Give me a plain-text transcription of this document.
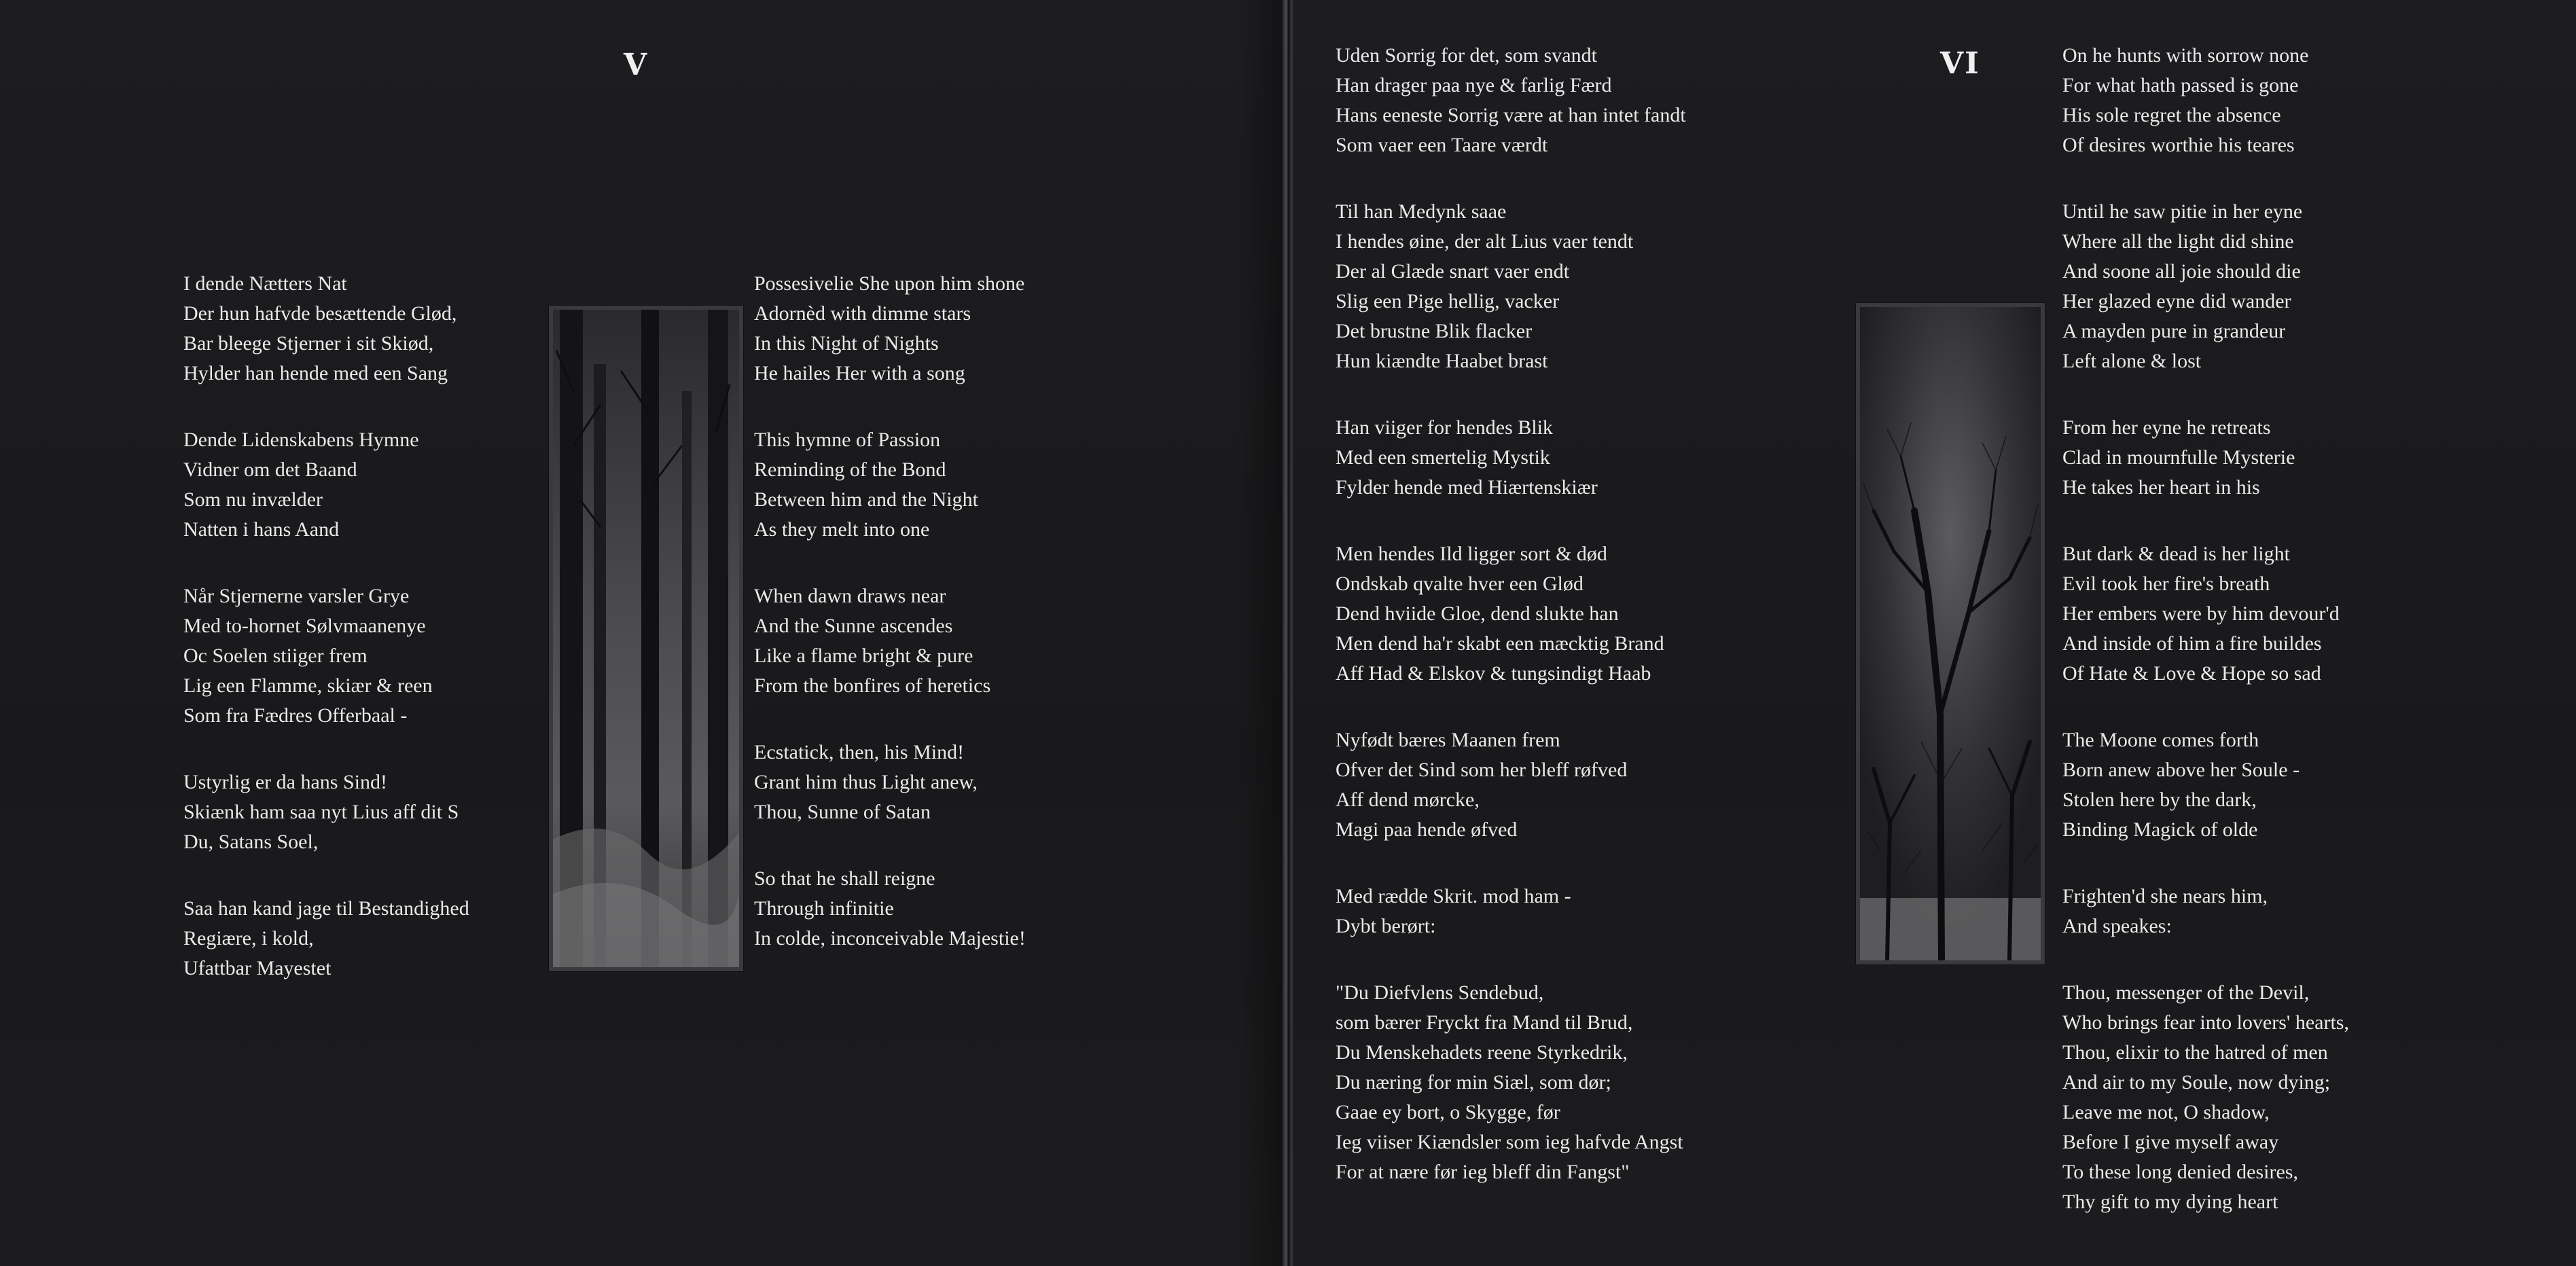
V
I dende Nætters Nat
Der hun hafvde besættende Glød,
Bar bleege Stjerner i sit Skiød,
Hylder han hende med een Sang
Dende Lidenskabens Hymne
Vidner om det Baand
Som nu invælder
Natten i hans Aand
Når Stjernerne varsler Grye
Med to-hornet Sølvmaanenye
Oc Soelen stiiger frem
Lig een Flamme, skiær & reen
Som fra Fædres Offerbaal -
Ustyrlig er da hans Sind!
Skiænk ham saa nyt Lius aff dit S
Du, Satans Soel,
Saa han kand jage til Bestandighed
Regiære, i kold,
Ufattbar Mayestet
Possesivelie She upon him shone
Adornèd with dimme stars
In this Night of Nights
He hailes Her with a song
This hymne of Passion
Reminding of the Bond
Between him and the Night
As they melt into one
When dawn draws near
And the Sunne ascendes
Like a flame bright & pure
From the bonfires of heretics
Ecstatick, then, his Mind!
Grant him thus Light anew,
Thou, Sunne of Satan
So that he shall reigne
Through infinitie
In colde, inconceivable Majestie!
Uden Sorrig for det, som svandt
Han drager paa nye & farlig Færd
Hans eeneste Sorrig være at han intet fandt
Som vaer een Taare værdt
Til han Medynk saae
I hendes øine, der alt Lius vaer tendt
Der al Glæde snart vaer endt
Slig een Pige hellig, vacker
Det brustne Blik flacker
Hun kiændte Haabet brast
Han viiger for hendes Blik
Med een smertelig Mystik
Fylder hende med Hiærtenskiær
Men hendes Ild ligger sort & død
Ondskab qvalte hver een Glød
Dend hviide Gloe, dend slukte han
Men dend ha'r skabt een mæcktig Brand
Aff Had & Elskov & tungsindigt Haab
Nyfødt bæres Maanen frem
Ofver det Sind som her bleff røfved
Aff dend mørcke,
Magi paa hende øfved
Med rædde Skrit. mod ham -
Dybt berørt:
"Du Diefvlens Sendebud,
som bærer Fryckt fra Mand til Brud,
Du Menskehadets reene Styrkedrik,
Du næring for min Siæl, som dør;
Gaae ey bort, o Skygge, før
Ieg viiser Kiændsler som ieg hafvde Angst
For at nære før ieg bleff din Fangst"
VI	On he hunts with sorrow none
For what hath passed is gone
His sole regret the absence
Of desires worthie his teares
Until he saw pitie in her eyne
Where all the light did shine
And soone all joie should die
Her glazed eyne did wander
A mayden pure in grandeur
Left alone & lost
From her eyne he retreats
Clad in mournfulle Mysterie
He takes her heart in his
But dark & dead is her light
Evil took her fire's breath
Her embers were by him devour'd
And inside of him a fire buildes
Of Hate & Love & Hope so sad
The Moone comes forth
Born anew above her Soule -
Stolen here by the dark,
Binding Magick of olde
Frighten'd she nears him,
And speakes:
Thou, messenger of the Devil,
Who brings fear into lovers' hearts,
Thou, elixir to the hatred of men
And air to my Soule, now dying;
Leave me not, O shadow,
Before I give myself away
To these long denied desires,
Thy gift to my dying heart
